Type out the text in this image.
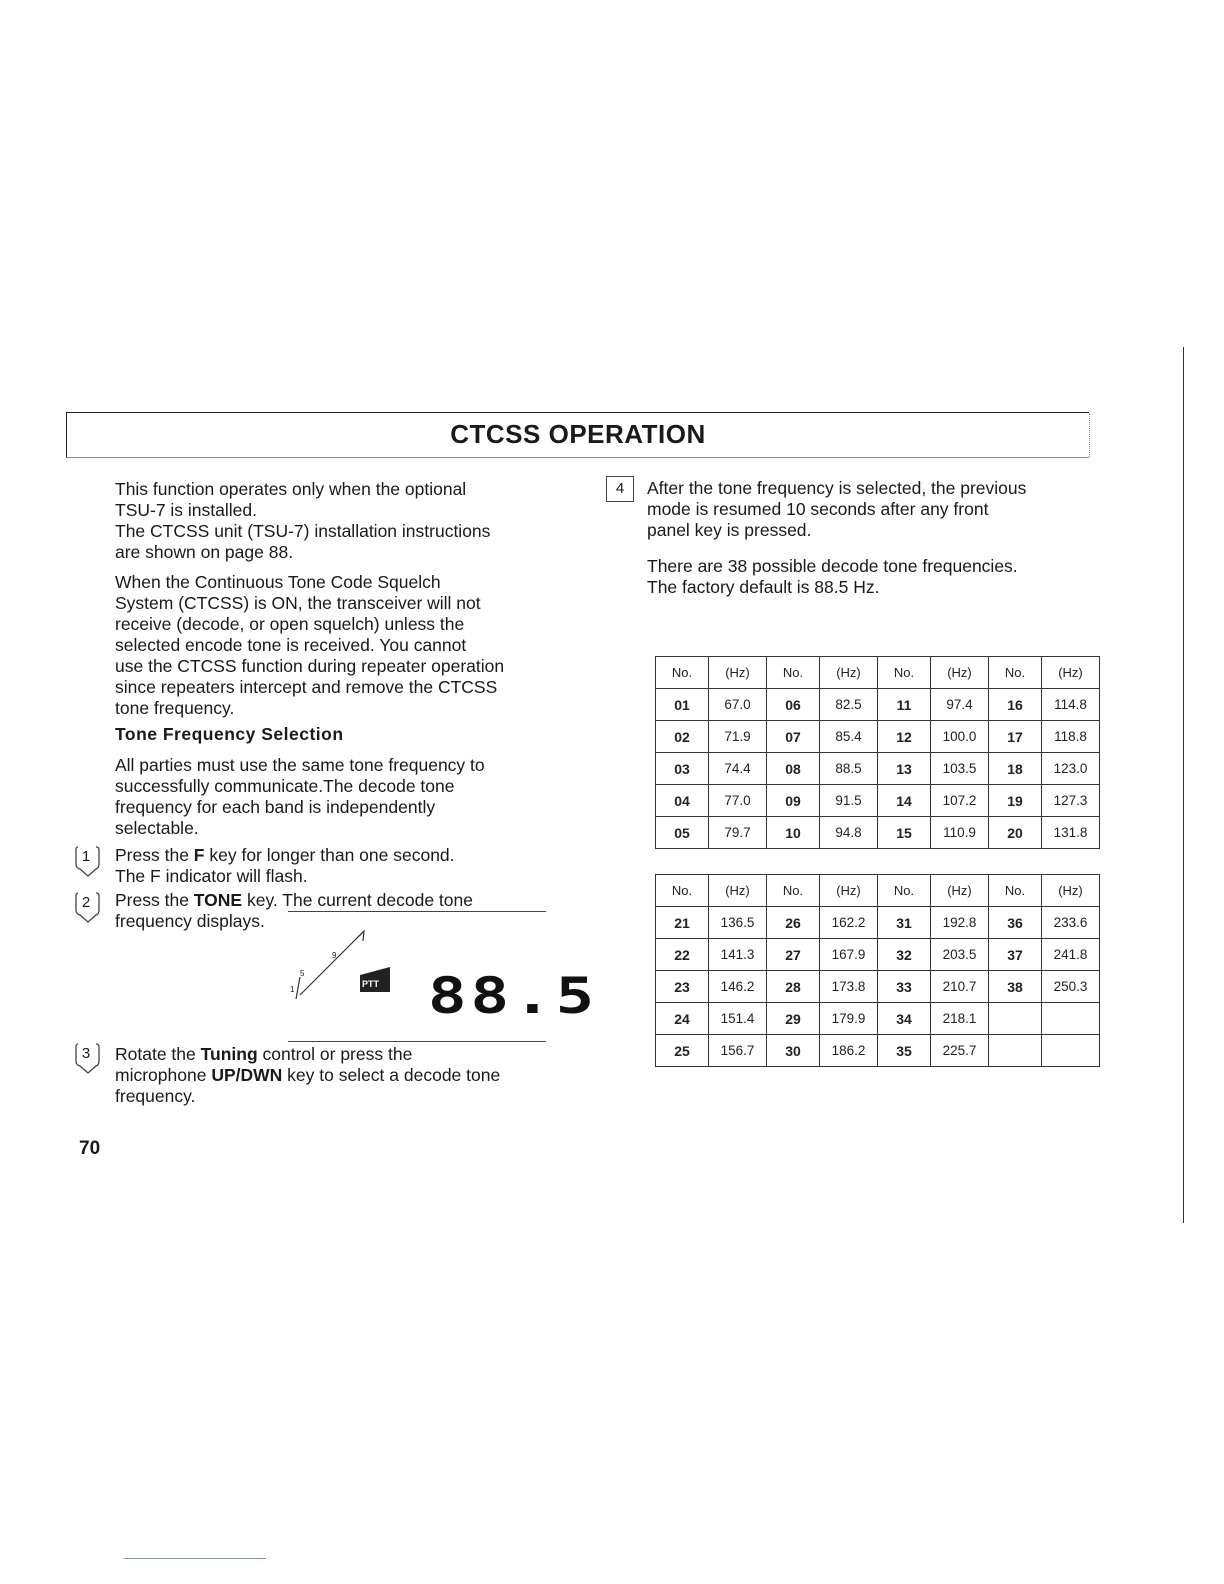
CTCSS OPERATION

This function operates only when the optional

TSU-7 is installed.

The CTCSS unit (TSU-7) installation instructions

are shown on page 88.

When the Continuous Tone Code Squelch

System (CTCSS) is ON, the transceiver will not

receive (decode, or open squelch) unless the

selected encode tone is received. You cannot

use the CTCSS function during repeater operation

since repeaters intercept and remove the CTCSS

tone frequency.

Tone Frequency Selection

All parties must use the same tone frequency to

successfully communicate.The decode tone

frequency for each band is independently

selectable.

1	Press the F key for longer than one second.

The F indicator will flash.

2	Press the TONE key. The current decode tone

frequency displays.

1
5
9
PTT 88.5
3	Rotate the Tuning control or press the

microphone UP/DWN key to select a decode tone

frequency.

4	After the tone frequency is selected, the previous

mode is resumed 10 seconds after any front

panel key is pressed.

There are 38 possible decode tone frequencies.

The factory default is 88.5 Hz.

No.	(Hz)	No.	(Hz)	No.	(Hz)	No.	(Hz)
01	67.0	06	82.5	11	97.4	16	114.8
02	71.9	07	85.4	12	100.0	17	118.8
03	74.4	08	88.5	13	103.5	18	123.0
04	77.0	09	91.5	14	107.2	19	127.3
05	79.7	10	94.8	15	110.9	20	131.8
No.	(Hz)	No.	(Hz)	No.	(Hz)	No.	(Hz)
21	136.5	26	162.2	31	192.8	36	233.6
22	141.3	27	167.9	32	203.5	37	241.8
23	146.2	28	173.8	33	210.7	38	250.3
24	151.4	29	179.9	34	218.1		
25	156.7	30	186.2	35	225.7		
70
